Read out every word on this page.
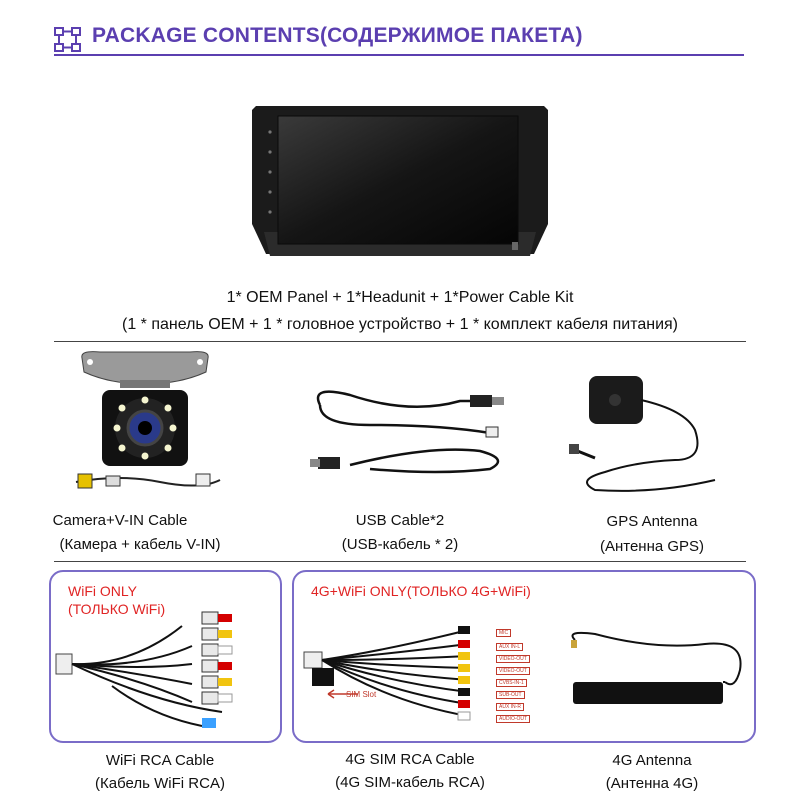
PACKAGE CONTENTS(СОДЕРЖИМОЕ ПАКЕТА)
1* OEM Panel + 1*Headunit + 1*Power Cable Kit
(1 * панель OEM + 1 * головное устройство + 1 * комплект кабеля питания)
Camera+V-IN Cable
(Камера + кабель V-IN)
USB Cable*2
(USB-кабель * 2)
GPS Antenna
(Антенна GPS)
WiFi ONLY
(ТОЛЬКО WiFi)
WiFi RCA Cable
(Кабель WiFi RCA)
4G+WiFi ONLY(ТОЛЬКО 4G+WiFi)
SIM Slot
MIC
AUX IN-L
VIDEO-OUT
VIDEO-OUT
CVBS-IN-1
SUB-OUT
AUX IN-R
AUDIO-OUT
4G SIM RCA Cable
(4G SIM-кабель RCA)
4G Antenna
(Антенна 4G)
